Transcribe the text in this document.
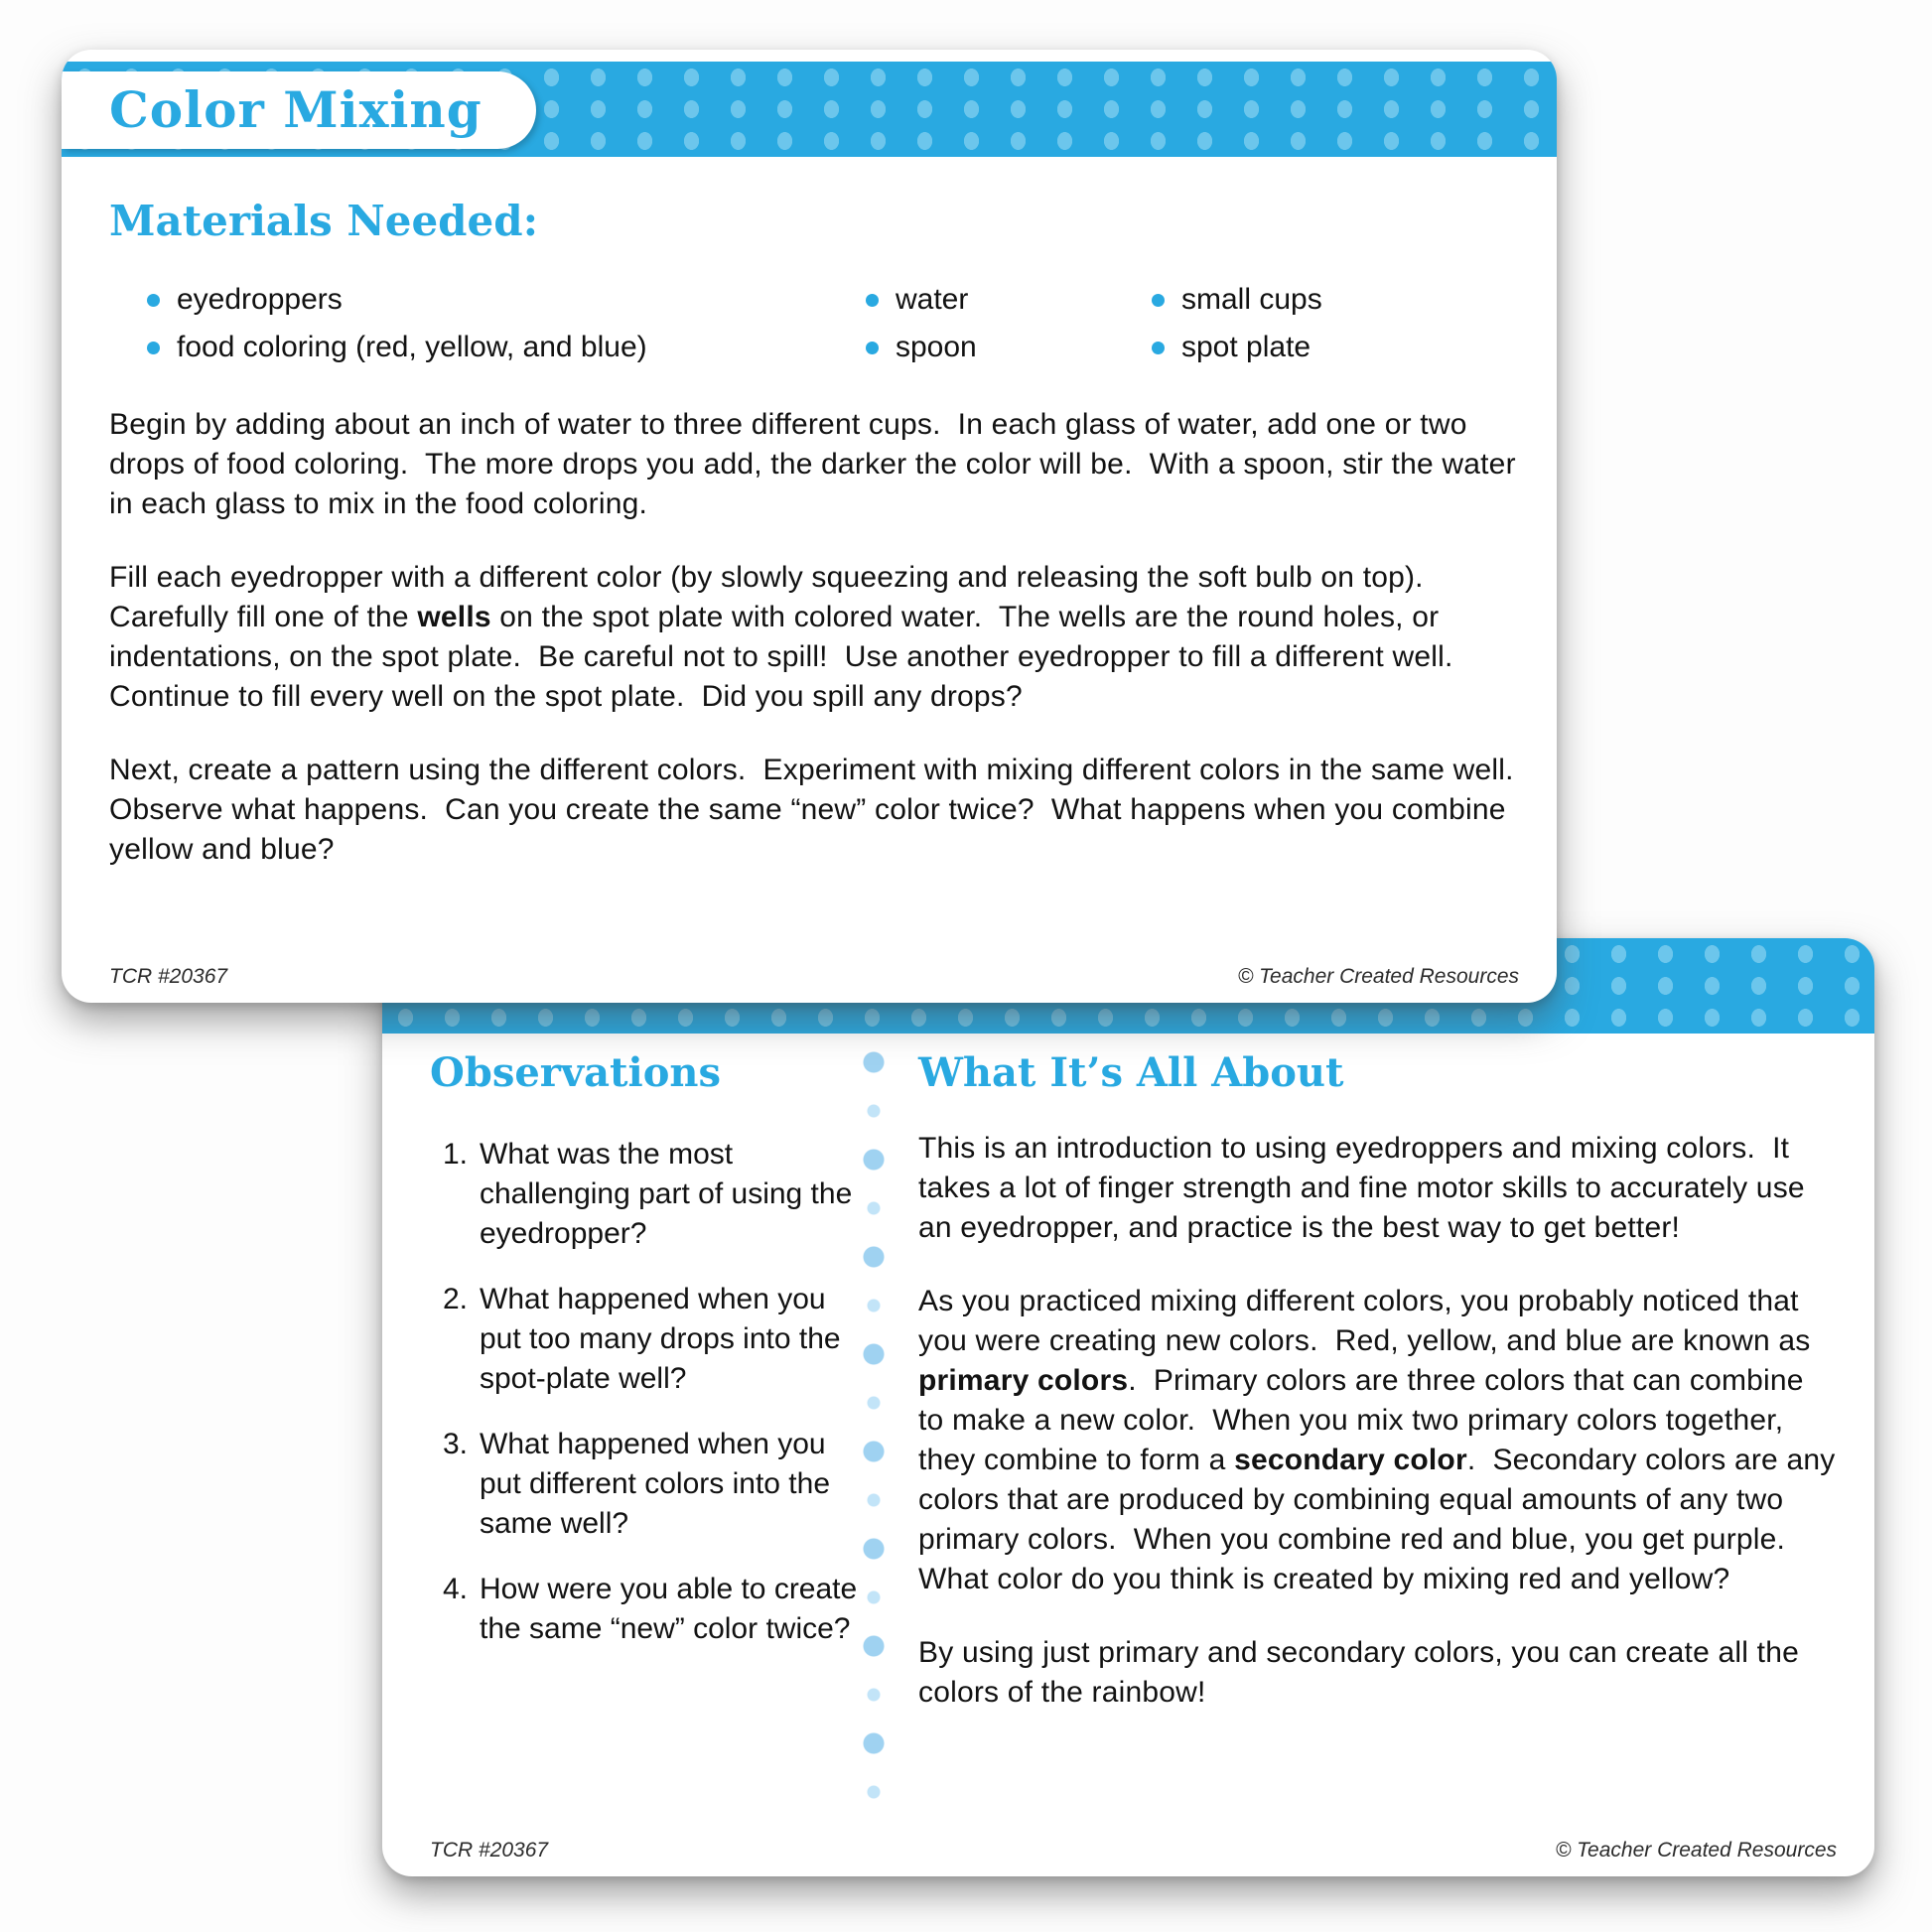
Color Mixing
Materials Needed:
eyedroppers
food coloring (red, yellow, and blue)
water
spoon
small cups
spot plate

Begin by adding about an inch of water to three different cups.  In each glass of water, add one or two drops of food coloring.  The more drops you add, the darker the color will be.  With a spoon, stir the water in each glass to mix in the food coloring.

Fill each eyedropper with a different color (by slowly squeezing and releasing the soft bulb on top).  Carefully fill one of the wells on the spot plate with colored water.  The wells are the round holes, or indentations, on the spot plate.  Be careful not to spill!  Use another eyedropper to fill a different well.  Continue to fill every well on the spot plate.  Did you spill any drops?

Next, create a pattern using the different colors.  Experiment with mixing different colors in the same well. Observe what happens.  Can you create the same “new” color twice?  What happens when you combine yellow and blue?

TCR #20367	© Teacher Created Resources
Observations
1. What was the most challenging part of using the eyedropper?
2. What happened when you put too many drops into the spot-plate well?
3. What happened when you put different colors into the same well?
4. How were you able to create the same “new” color twice?
What It’s All About

This is an introduction to using eyedroppers and mixing colors.  It takes a lot of finger strength and fine motor skills to accurately use an eyedropper, and practice is the best way to get better!

As you practiced mixing different colors, you probably noticed that you were creating new colors.  Red, yellow, and blue are known as primary colors.  Primary colors are three colors that can combine to make a new color.  When you mix two primary colors together, they combine to form a secondary color.  Secondary colors are any colors that are produced by combining equal amounts of any two primary colors.  When you combine red and blue, you get purple.  What color do you think is created by mixing red and yellow?

By using just primary and secondary colors, you can create all the colors of the rainbow!

TCR #20367	© Teacher Created Resources
